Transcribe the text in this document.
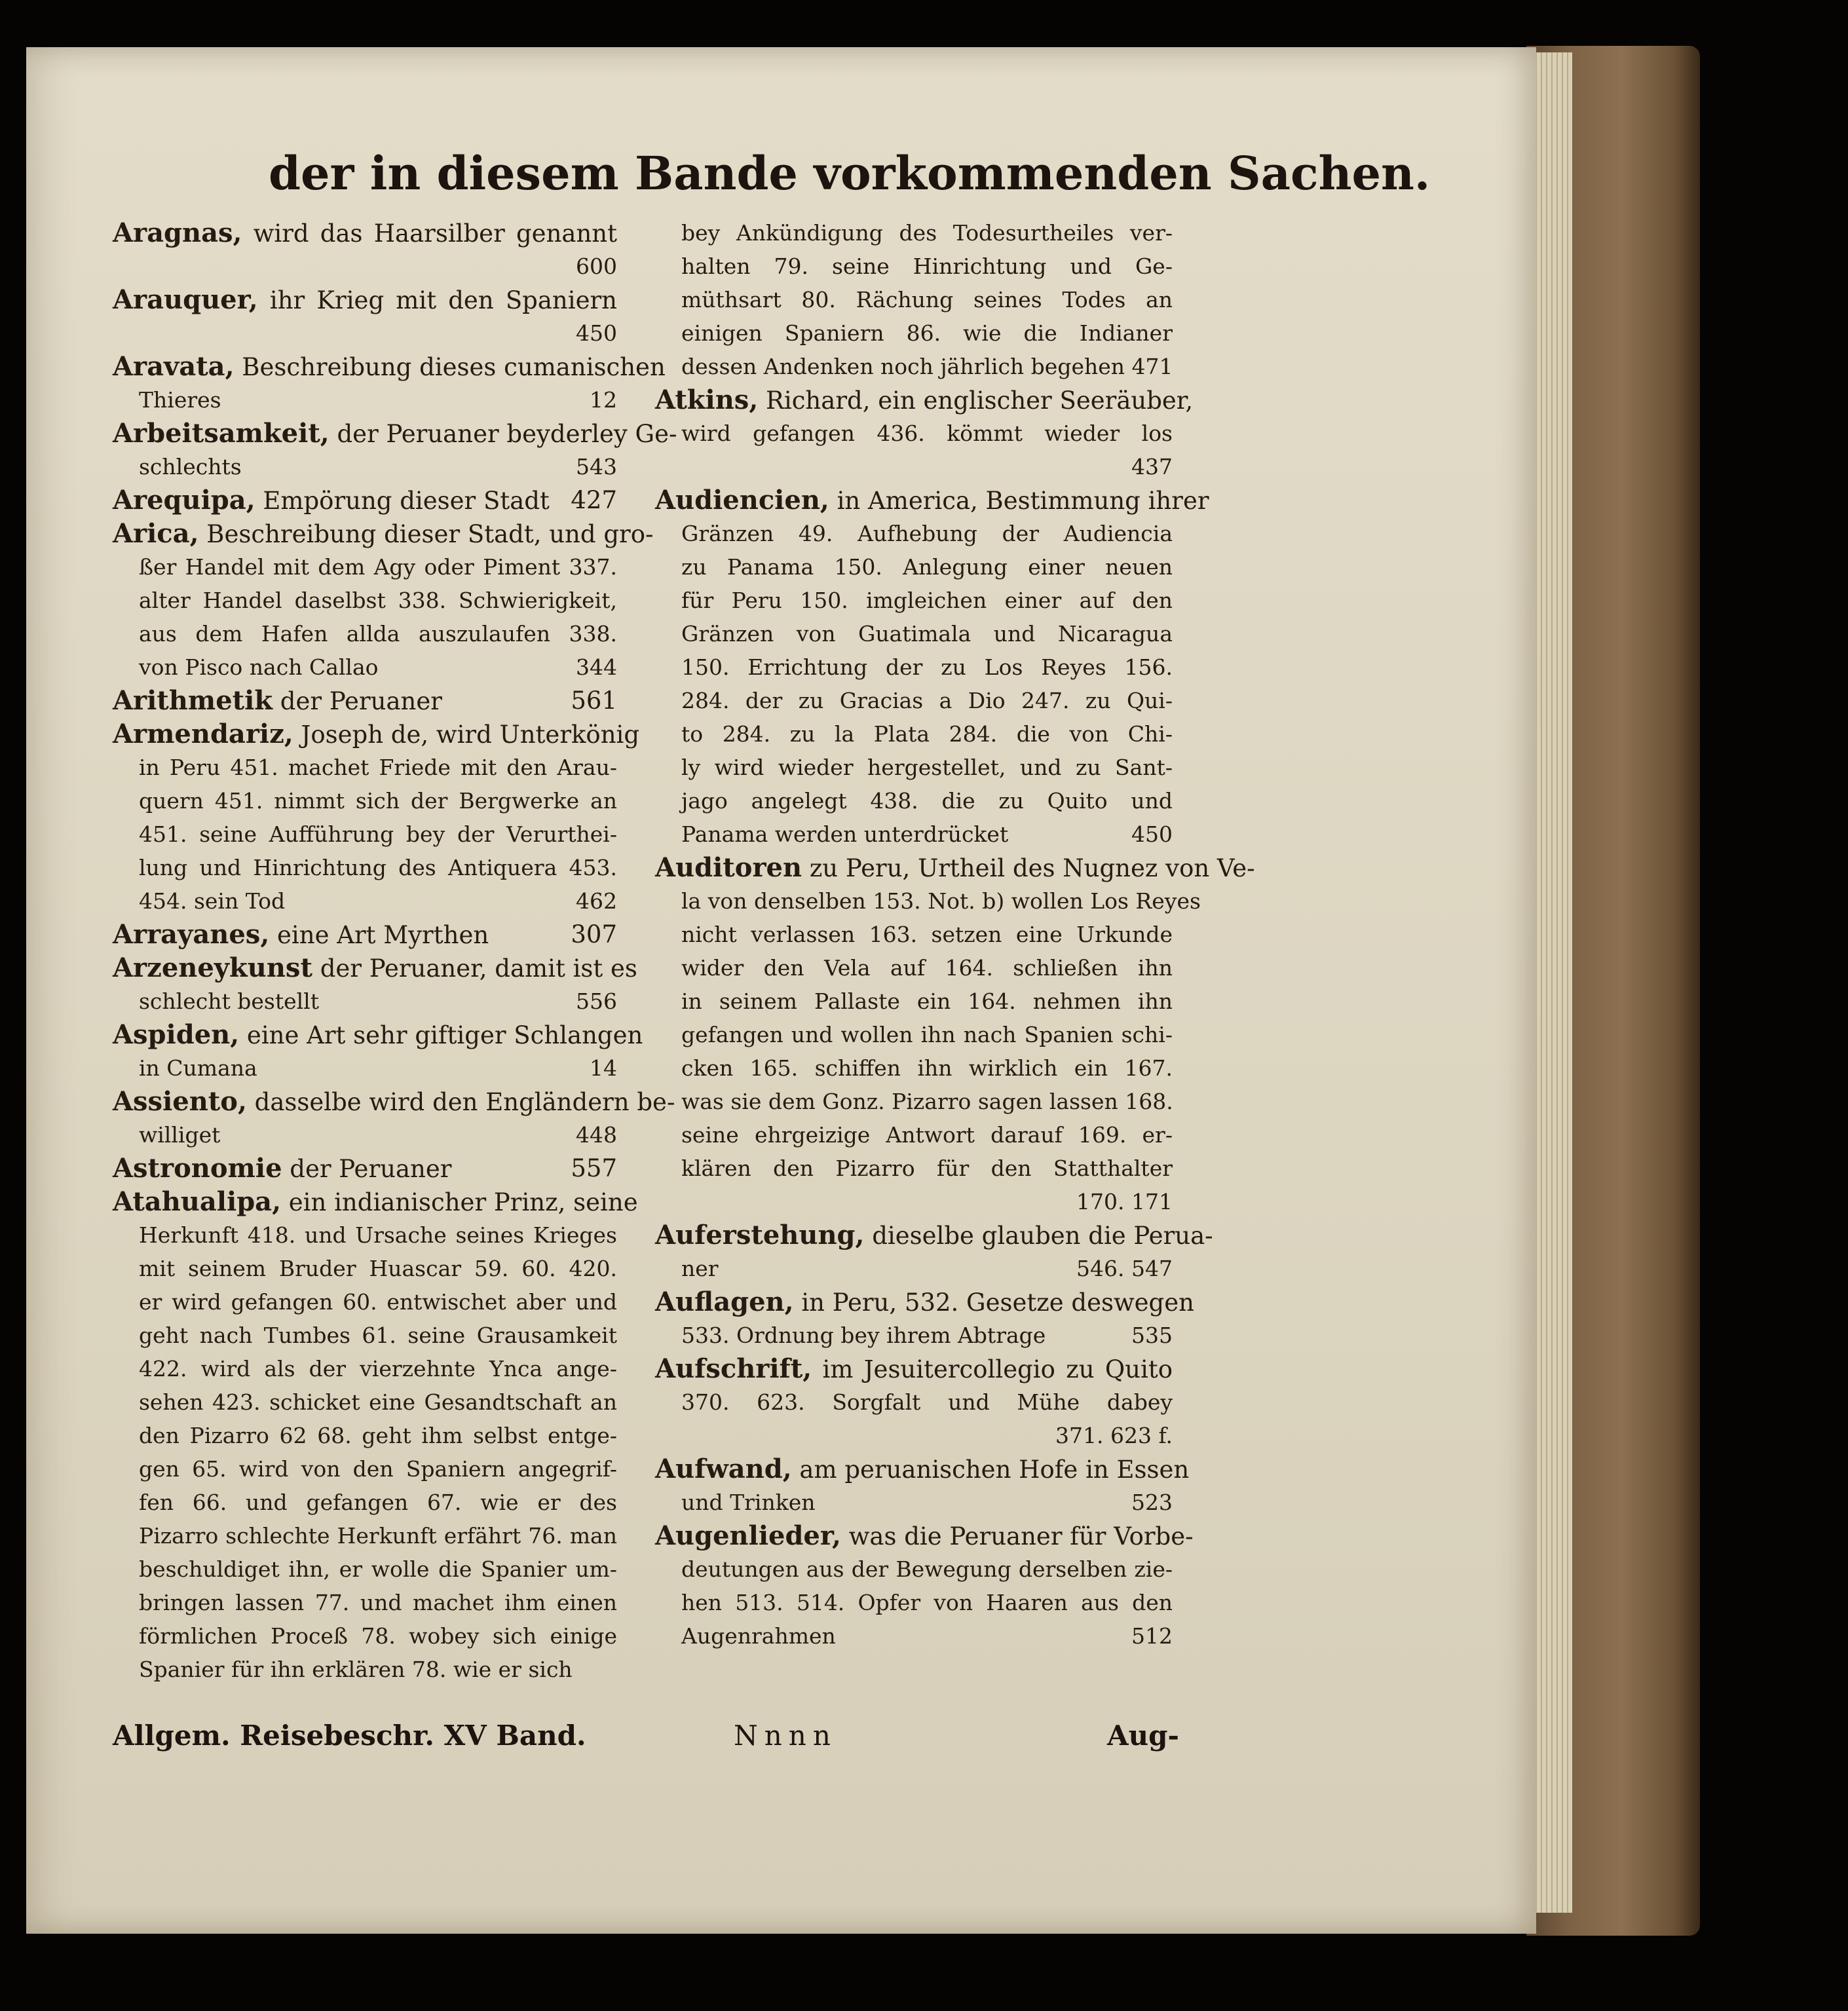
der in diesem Bande vorkommenden Sachen.
Aragnas, wird das Haarsilber genannt
600
Arauquer, ihr Krieg mit den Spaniern
450
Aravata, Beschreibung dieses cumanischen
Thieres	12
Arbeitsamkeit, der Peruaner beyderley Ge-
schlechts	543
Arequipa, Empörung dieser Stadt 427
Arica, Beschreibung dieser Stadt, und gro-
ßer Handel mit dem Agy oder Piment 337.
alter Handel daselbst 338. Schwierigkeit,
aus dem Hafen allda auszulaufen 338.
von Pisco nach Callao	344
Arithmetik der Peruaner	561
Armendariz, Joseph de, wird Unterkönig
in Peru 451. machet Friede mit den Arau-
quern 451. nimmt sich der Bergwerke an
451. seine Aufführung bey der Verurthei-
lung und Hinrichtung des Antiquera 453.
454. sein Tod	462
Arrayanes, eine Art Myrthen	307
Arzeneykunst der Peruaner, damit ist es
schlecht bestellt	556
Aspiden, eine Art sehr giftiger Schlangen
in Cumana	14
Assiento, dasselbe wird den Engländern be-
williget	448
Astronomie der Peruaner	557
Atahualipa, ein indianischer Prinz, seine
Herkunft 418. und Ursache seines Krieges
mit seinem Bruder Huascar 59. 60. 420.
er wird gefangen 60. entwischet aber und
geht nach Tumbes 61. seine Grausamkeit
422. wird als der vierzehnte Ynca ange-
sehen 423. schicket eine Gesandtschaft an
den Pizarro 62 68. geht ihm selbst entge-
gen 65. wird von den Spaniern angegrif-
fen 66. und gefangen 67. wie er des
Pizarro schlechte Herkunft erfährt 76. man
beschuldiget ihn, er wolle die Spanier um-
bringen lassen 77. und machet ihm einen
förmlichen Proceß 78. wobey sich einige
Spanier für ihn erklären 78. wie er sich
bey Ankündigung des Todesurtheiles ver-
halten 79. seine Hinrichtung und Ge-
müthsart 80. Rächung seines Todes an
einigen Spaniern 86. wie die Indianer
dessen Andenken noch jährlich begehen 471
Atkins, Richard, ein englischer Seeräuber,
wird gefangen 436. kömmt wieder los
437
Audiencien, in America, Bestimmung ihrer
Gränzen 49. Aufhebung der Audiencia
zu Panama 150. Anlegung einer neuen
für Peru 150. imgleichen einer auf den
Gränzen von Guatimala und Nicaragua
150. Errichtung der zu Los Reyes 156.
284. der zu Gracias a Dio 247. zu Qui-
to 284. zu la Plata 284. die von Chi-
ly wird wieder hergestellet, und zu Sant-
jago angelegt 438. die zu Quito und
Panama werden unterdrücket	450
Auditoren zu Peru, Urtheil des Nugnez von Ve-
la von denselben 153. Not. b) wollen Los Reyes
nicht verlassen 163. setzen eine Urkunde
wider den Vela auf 164. schließen ihn
in seinem Pallaste ein 164. nehmen ihn
gefangen und wollen ihn nach Spanien schi-
cken 165. schiffen ihn wirklich ein 167.
was sie dem Gonz. Pizarro sagen lassen 168.
seine ehrgeizige Antwort darauf 169. er-
klären den Pizarro für den Statthalter
170. 171
Auferstehung, dieselbe glauben die Perua-
ner	546. 547
Auflagen, in Peru, 532. Gesetze deswegen
533. Ordnung bey ihrem Abtrage	535
Aufschrift, im Jesuitercollegio zu Quito
370. 623. Sorgfalt und Mühe dabey
371. 623 f.
Aufwand, am peruanischen Hofe in Essen
und Trinken	523
Augenlieder, was die Peruaner für Vorbe-
deutungen aus der Bewegung derselben zie-
hen 513. 514. Opfer von Haaren aus den
Augenrahmen	512
Allgem. Reisebeschr. XV Band.	Nnnn	Aug-
